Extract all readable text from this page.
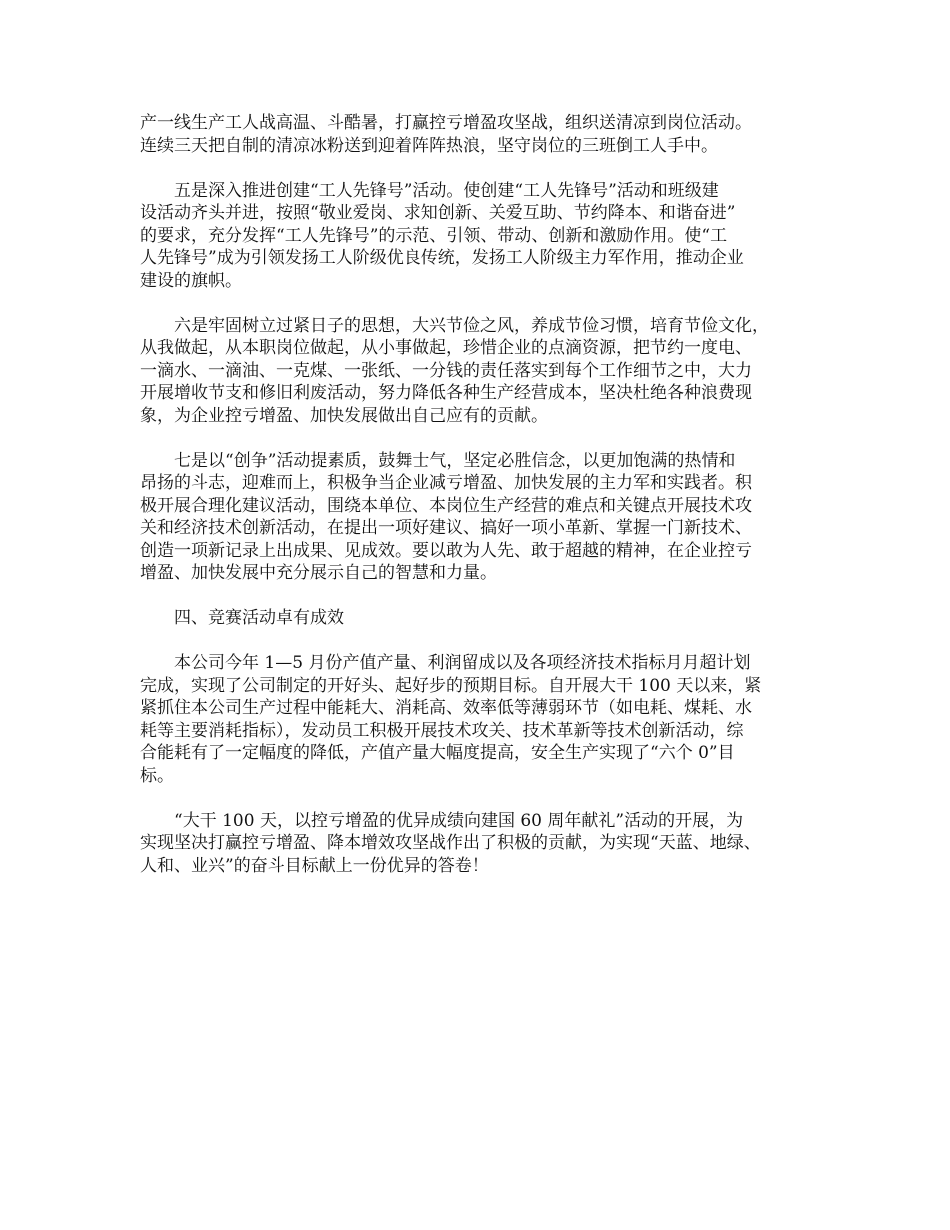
产一线生产工人战高温、斗酷暑，打赢控亏增盈攻坚战，组织送清凉到岗位活动。
连续三天把自制的清凉冰粉送到迎着阵阵热浪，坚守岗位的三班倒工人手中。

五是深入推进创建“工人先锋号”活动。使创建“工人先锋号”活动和班级建
设活动齐头并进，按照“敬业爱岗、求知创新、关爱互助、节约降本、和谐奋进”
的要求，充分发挥“工人先锋号”的示范、引领、带动、创新和激励作用。使“工
人先锋号”成为引领发扬工人阶级优良传统，发扬工人阶级主力军作用，推动企业
建设的旗帜。

六是牢固树立过紧日子的思想，大兴节俭之风，养成节俭习惯，培育节俭文化，
从我做起，从本职岗位做起，从小事做起，珍惜企业的点滴资源，把节约一度电、
一滴水、一滴油、一克煤、一张纸、一分钱的责任落实到每个工作细节之中，大力
开展增收节支和修旧利废活动，努力降低各种生产经营成本，坚决杜绝各种浪费现
象，为企业控亏增盈、加快发展做出自己应有的贡献。

七是以“创争”活动提素质，鼓舞士气，坚定必胜信念，以更加饱满的热情和
昂扬的斗志，迎难而上，积极争当企业减亏增盈、加快发展的主力军和实践者。积
极开展合理化建议活动，围绕本单位、本岗位生产经营的难点和关键点开展技术攻
关和经济技术创新活动，在提出一项好建议、搞好一项小革新、掌握一门新技术、
创造一项新记录上出成果、见成效。要以敢为人先、敢于超越的精神，在企业控亏
增盈、加快发展中充分展示自己的智慧和力量。

四、竞赛活动卓有成效

本公司今年 1—5 月份产值产量、利润留成以及各项经济技术指标月月超计划
完成，实现了公司制定的开好头、起好步的预期目标。自开展大干 100 天以来，紧
紧抓住本公司生产过程中能耗大、消耗高、效率低等薄弱环节（如电耗、煤耗、水
耗等主要消耗指标），发动员工积极开展技术攻关、技术革新等技术创新活动，综
合能耗有了一定幅度的降低，产值产量大幅度提高，安全生产实现了“六个 0”目
标。

“大干 100 天，以控亏增盈的优异成绩向建国 60 周年献礼”活动的开展，为
实现坚决打赢控亏增盈、降本增效攻坚战作出了积极的贡献，为实现“天蓝、地绿、
人和、业兴”的奋斗目标献上一份优异的答卷！
